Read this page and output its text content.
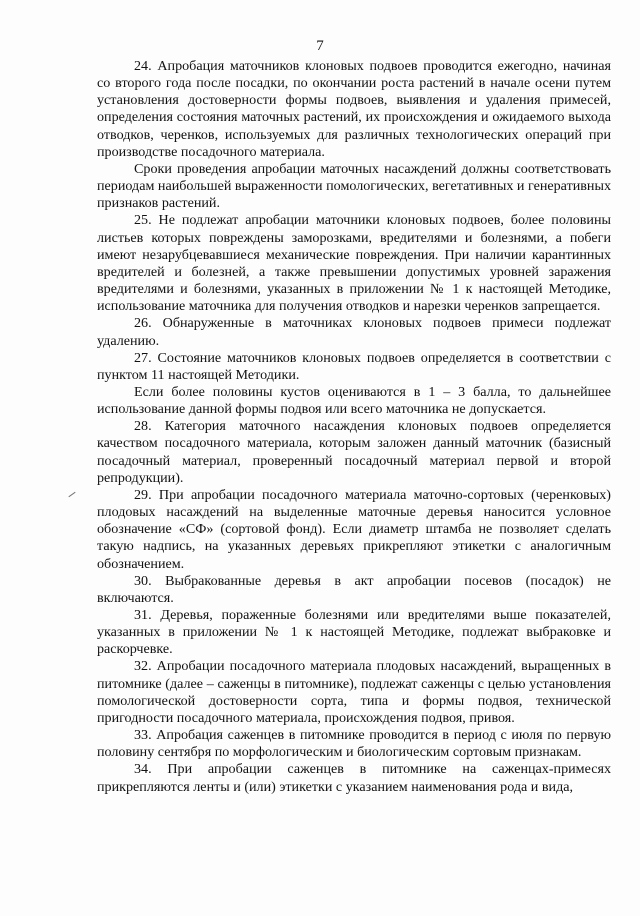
7

24. Апробация маточников клоновых подвоев проводится ежегодно, начиная со второго года после посадки, по окончании роста растений в начале осени путем установления достоверности формы подвоев, выявления и удаления примесей, определения состояния маточных растений, их происхождения и ожидаемого выхода отводков, черенков, используемых для различных технологических операций при производстве посадочного материала.

Сроки проведения апробации маточных насаждений должны соответствовать периодам наибольшей выраженности помологических, вегетативных и генеративных признаков растений.

25. Не подлежат апробации маточники клоновых подвоев, более половины листьев которых повреждены заморозками, вредителями и болезнями, а побеги имеют незарубцевавшиеся механические повреждения. При наличии карантинных вредителей и болезней, а также превышении допустимых уровней заражения вредителями и болезнями, указанных в приложении № 1 к настоящей Методике, использование маточника для получения отводков и нарезки черенков запрещается.

26. Обнаруженные в маточниках клоновых подвоев примеси подлежат удалению.

27. Состояние маточников клоновых подвоев определяется в соответствии с пунктом 11 настоящей Методики.

Если более половины кустов оцениваются в 1 – 3 балла, то дальнейшее использование данной формы подвоя или всего маточника не допускается.

28. Категория маточного насаждения клоновых подвоев определяется качеством посадочного материала, которым заложен данный маточник (базисный посадочный материал, проверенный посадочный материал первой и второй репродукции).

29. При апробации посадочного материала маточно-сортовых (черенковых) плодовых насаждений на выделенные маточные деревья наносится условное обозначение «СФ» (сортовой фонд). Если диаметр штамба не позволяет сделать такую надпись, на указанных деревьях прикрепляют этикетки с аналогичным обозначением.

30. Выбракованные деревья в акт апробации посевов (посадок) не включаются.

31. Деревья, пораженные болезнями или вредителями выше показателей, указанных в приложении № 1 к настоящей Методике, подлежат выбраковке и раскорчевке.

32. Апробации посадочного материала плодовых насаждений, выращенных в питомнике (далее – саженцы в питомнике), подлежат саженцы с целью установления помологической достоверности сорта, типа и формы подвоя, технической пригодности посадочного материала, происхождения подвоя, привоя.

33. Апробация саженцев в питомнике проводится в период с июля по первую половину сентября по морфологическим и биологическим сортовым признакам.

34. При апробации саженцев в питомнике на саженцах-примесях прикрепляются ленты и (или) этикетки с указанием наименования рода и вида,
